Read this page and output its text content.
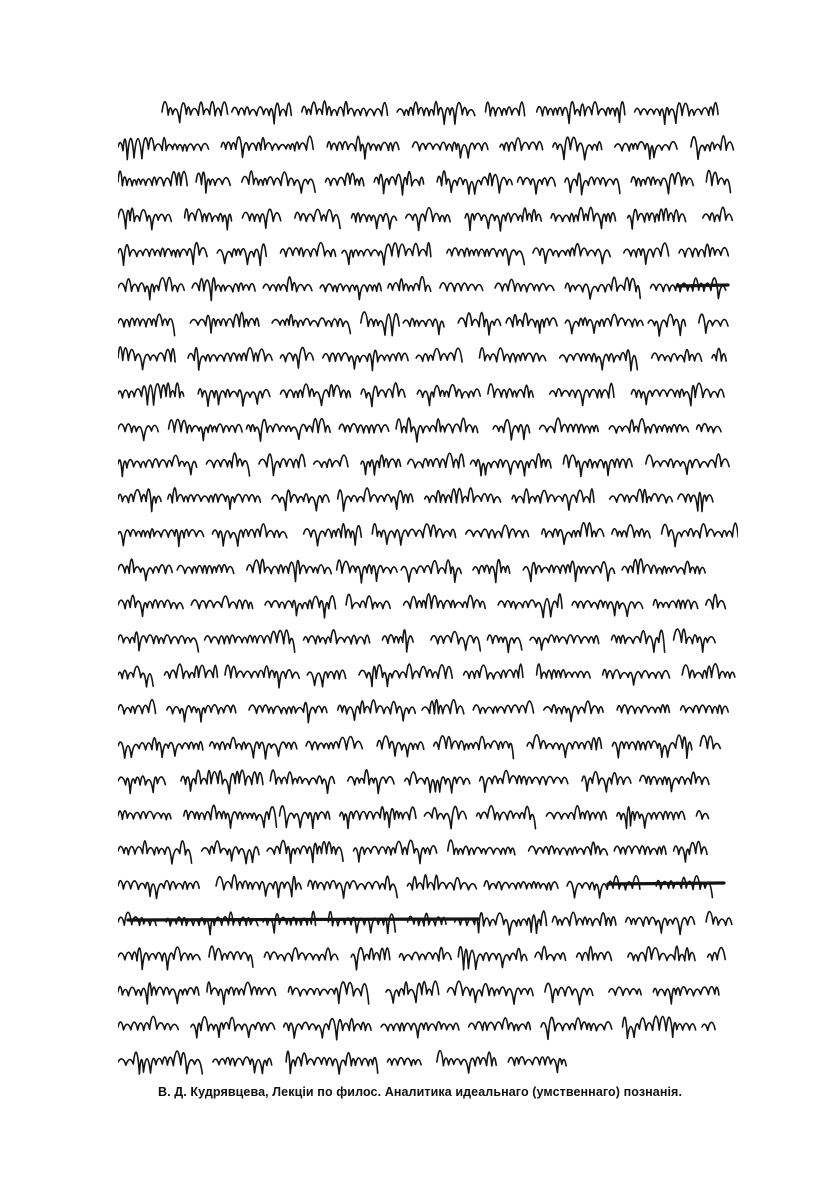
В. Д. Кудрявцева, Лекціи по филос. Аналитика идеальнаго (умственнаго) познанія.
